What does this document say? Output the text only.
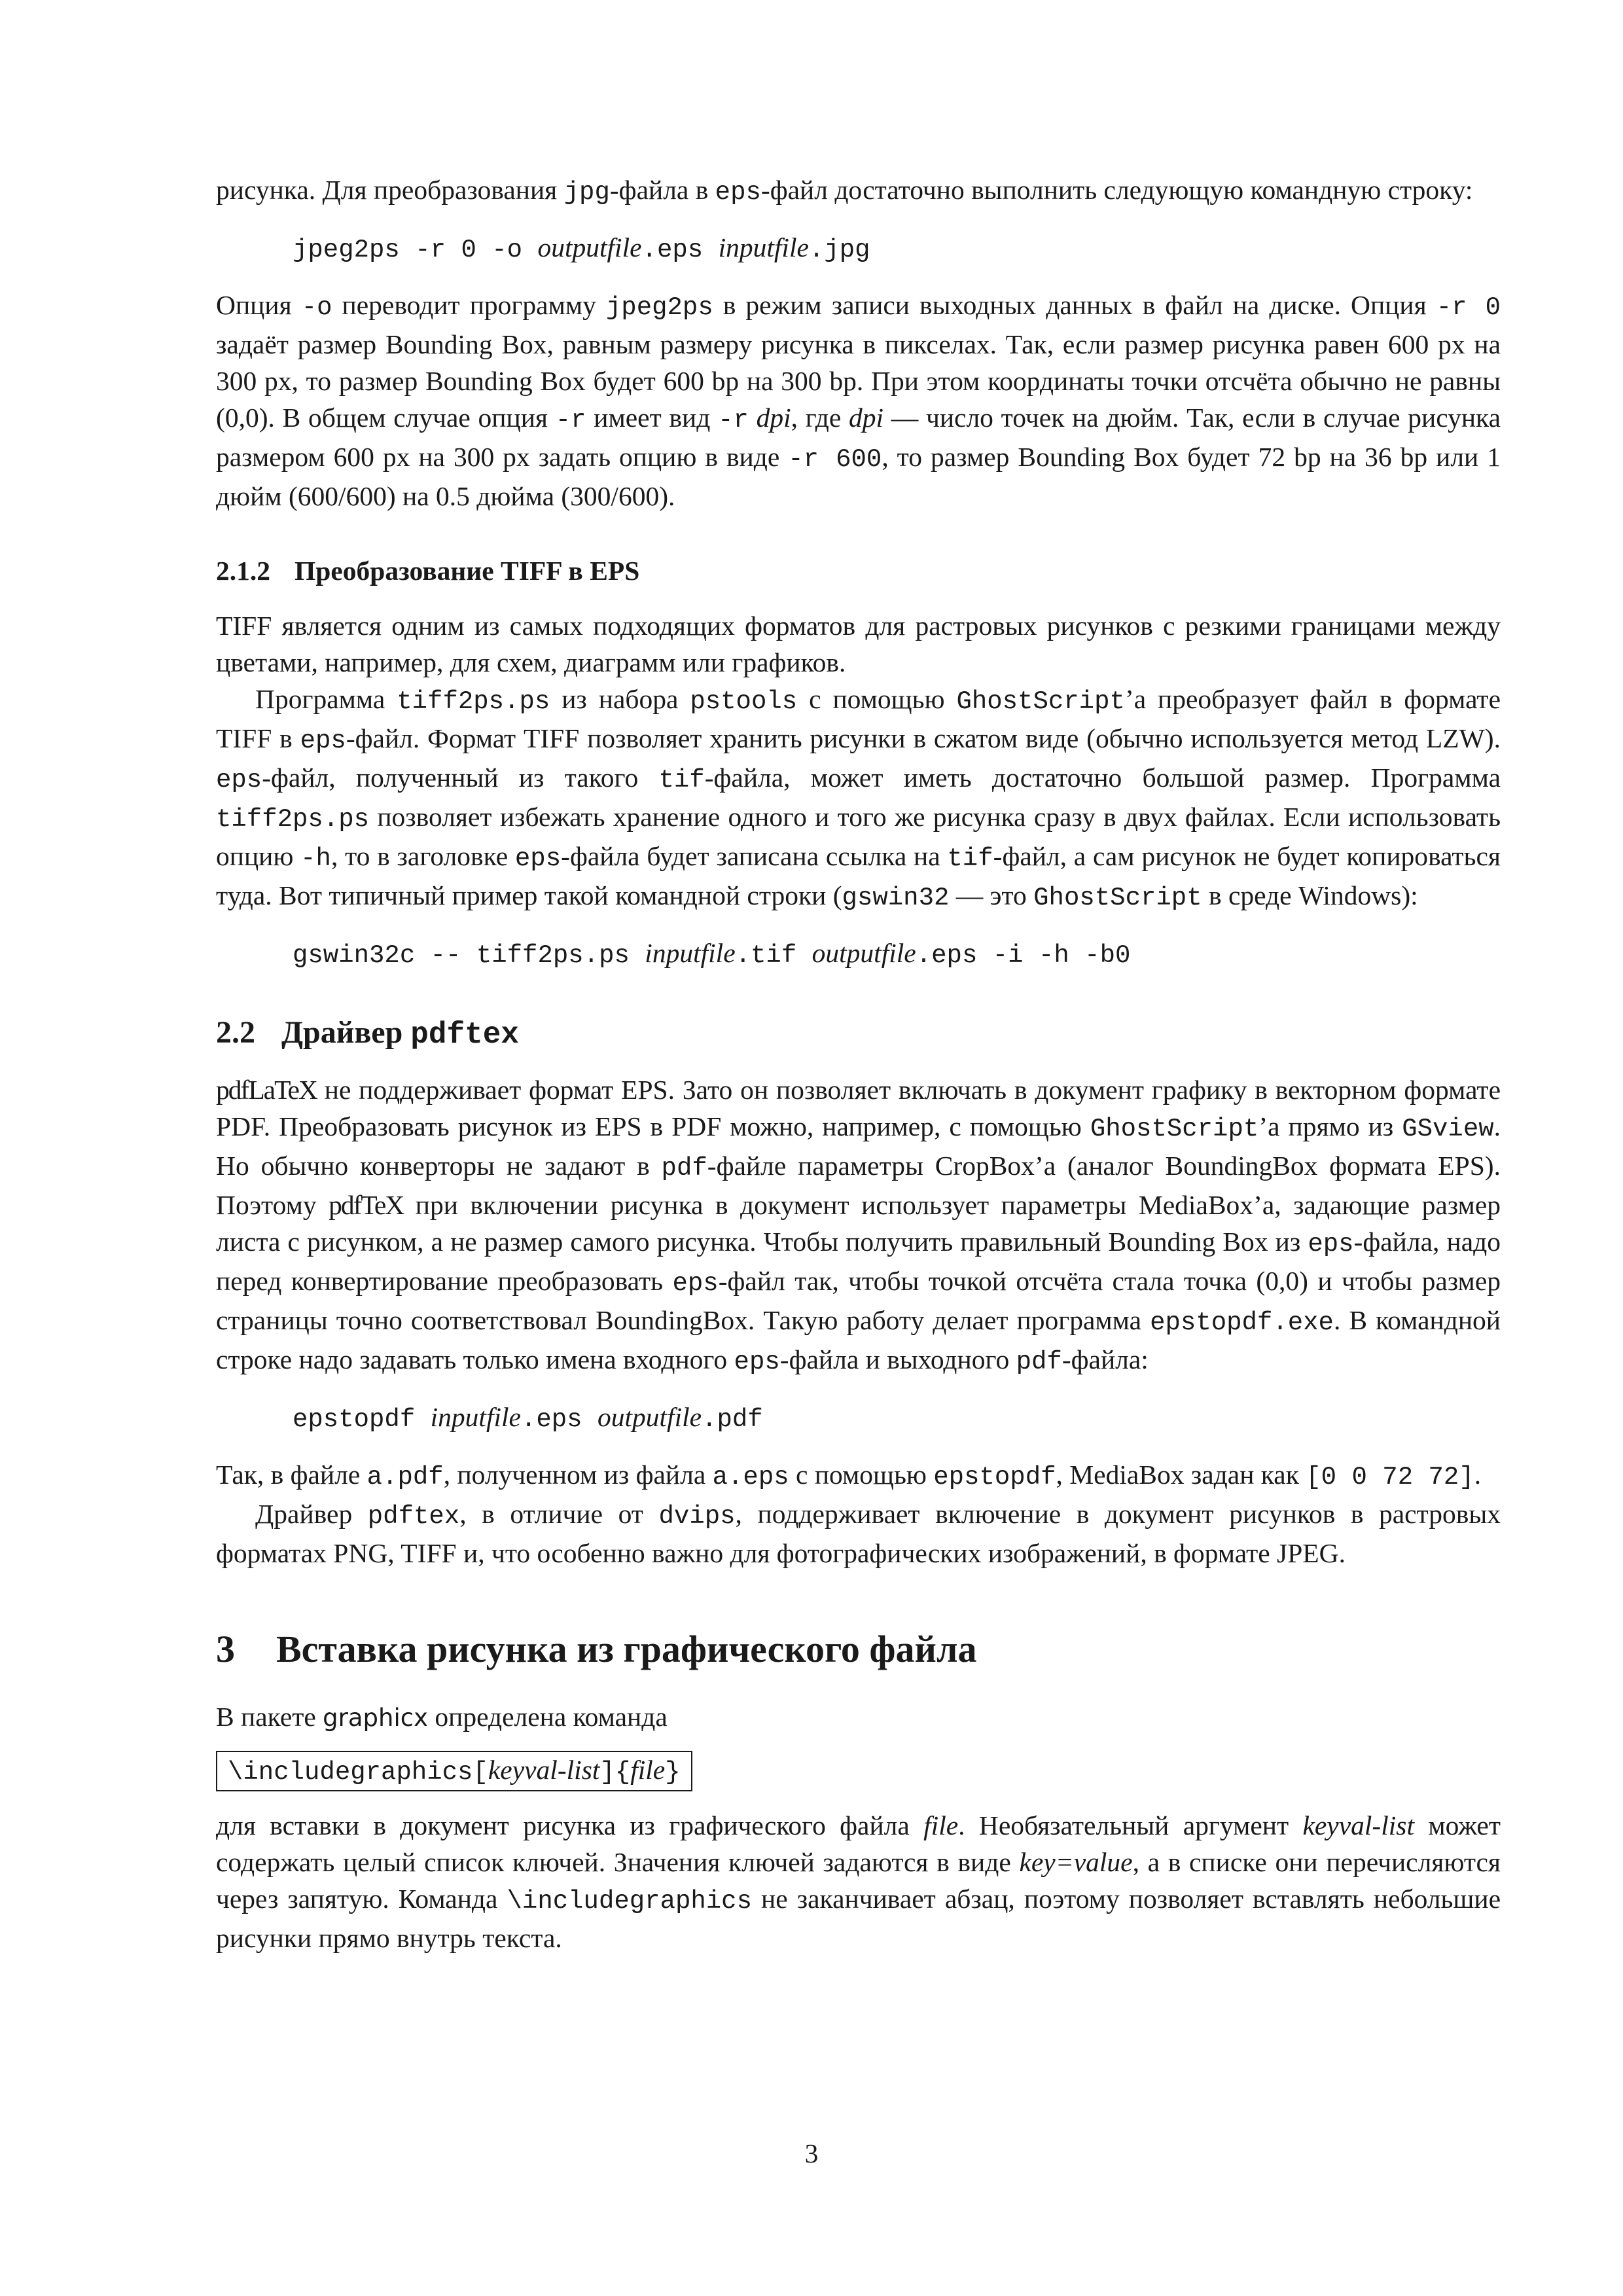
рисунка. Для преобразования jpg-файла в eps-файл достаточно выполнить следующую командную строку:

jpeg2ps -r 0 -o outputfile.eps inputfile.jpg

Опция -o переводит программу jpeg2ps в режим записи выходных данных в файл на диске. Опция -r 0 задаёт размер Bounding Box, равным размеру рисунка в пикселах. Так, если размер рисунка равен 600 px на 300 px, то размер Bounding Box будет 600 bp на 300 bp. При этом координаты точки отсчёта обычно не равны (0,0). В общем случае опция -r имеет вид -r dpi, где dpi — число точек на дюйм. Так, если в случае рисунка размером 600 px на 300 px задать опцию в виде -r 600, то размер Bounding Box будет 72 bp на 36 bp или 1 дюйм (600/600) на 0.5 дюйма (300/600).

2.1.2 Преобразование TIFF в EPS

TIFF является одним из самых подходящих форматов для растровых рисунков с резкими границами между цветами, например, для схем, диаграмм или графиков.

Программа tiff2ps.ps из набора pstools с помощью GhostScript’а преобразует файл в формате TIFF в eps-файл. Формат TIFF позволяет хранить рисунки в сжатом виде (обычно используется метод LZW). eps-файл, полученный из такого tif-файла, может иметь достаточно большой размер. Программа tiff2ps.ps позволяет избежать хранение одного и того же рисунка сразу в двух файлах. Если использовать опцию -h, то в заголовке eps-файла будет записана ссылка на tif-файл, а сам рисунок не будет копироваться туда. Вот типичный пример такой командной строки (gswin32 — это GhostScript в среде Windows):

gswin32c -- tiff2ps.ps inputfile.tif outputfile.eps -i -h -b0
2.2 Драйвер pdftex

pdfLaTeX не поддерживает формат EPS. Зато он позволяет включать в документ графику в векторном формате PDF. Преобразовать рисунок из EPS в PDF можно, например, с помощью GhostScript’а прямо из GSview. Но обычно конверторы не задают в pdf-файле параметры CropBox’а (аналог BoundingBox формата EPS). Поэтому pdfTeX при включении рисунка в документ использует параметры MediaBox’а, задающие размер листа с рисунком, а не размер самого рисунка. Чтобы получить правильный Bounding Box из eps-файла, надо перед конвертирование преобразовать eps-файл так, чтобы точкой отсчёта стала точка (0,0) и чтобы размер страницы точно соответствовал BoundingBox. Такую работу делает программа epstopdf.exe. В командной строке надо задавать только имена входного eps-файла и выходного pdf-файла:

epstopdf inputfile.eps outputfile.pdf

Так, в файле a.pdf, полученном из файла a.eps с помощью epstopdf, MediaBox задан как [0 0 72 72].

Драйвер pdftex, в отличие от dvips, поддерживает включение в документ рисунков в растровых форматах PNG, TIFF и, что особенно важно для фотографических изображений, в формате JPEG.

3 Вставка рисунка из графического файла

В пакете graphicx определена команда

\includegraphics[keyval-list]{file}

для вставки в документ рисунка из графического файла file. Необязательный аргумент keyval-list может содержать целый список ключей. Значения ключей задаются в виде key=value, а в списке они перечисляются через запятую. Команда \includegraphics не заканчивает абзац, поэтому позволяет вставлять небольшие рисунки прямо внутрь текста.

3
